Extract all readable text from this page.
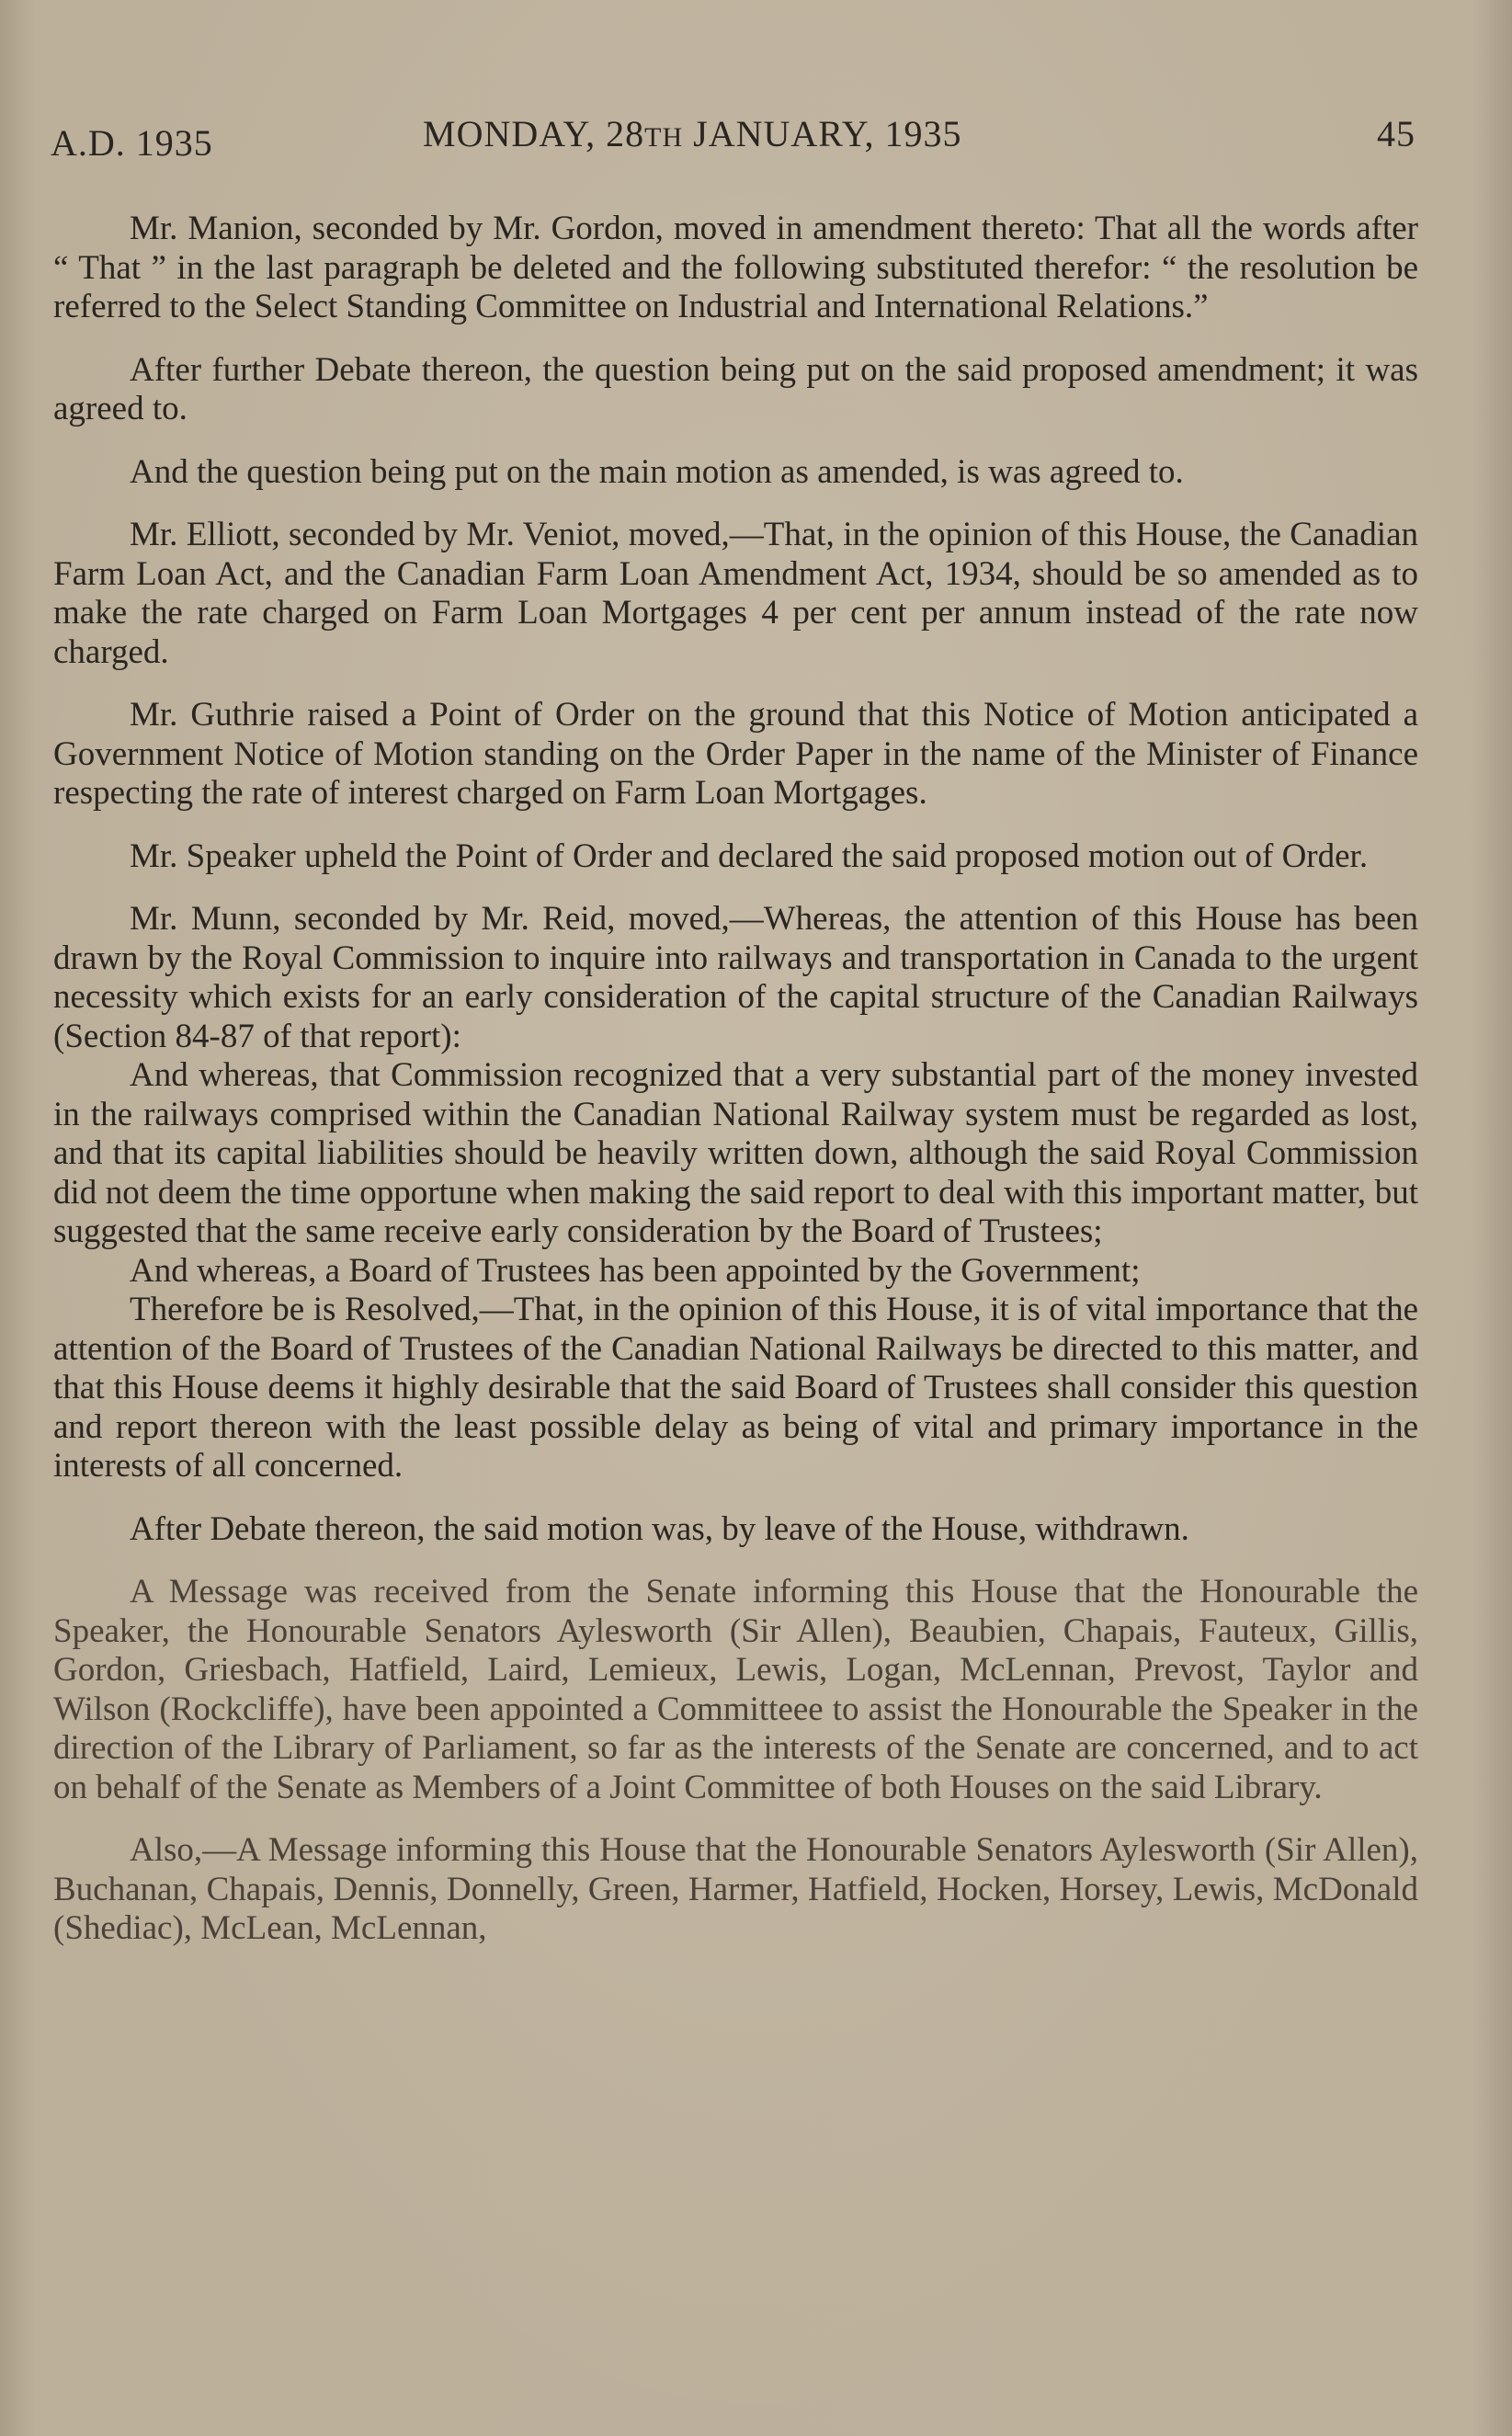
A.D. 1935	MONDAY, 28TH JANUARY, 1935	45

Mr. Manion, seconded by Mr. Gordon, moved in amendment thereto: That all the words after “ That ” in the last paragraph be deleted and the following substituted therefor: “ the resolution be referred to the Select Standing Committee on Industrial and International Relations.”

After further Debate thereon, the question being put on the said proposed amendment; it was agreed to.

And the question being put on the main motion as amended, is was agreed to.

Mr. Elliott, seconded by Mr. Veniot, moved,—That, in the opinion of this House, the Canadian Farm Loan Act, and the Canadian Farm Loan Amendment Act, 1934, should be so amended as to make the rate charged on Farm Loan Mortgages 4 per cent per annum instead of the rate now charged.

Mr. Guthrie raised a Point of Order on the ground that this Notice of Motion anticipated a Government Notice of Motion standing on the Order Paper in the name of the Minister of Finance respecting the rate of interest charged on Farm Loan Mortgages.

Mr. Speaker upheld the Point of Order and declared the said proposed motion out of Order.

Mr. Munn, seconded by Mr. Reid, moved,—Whereas, the attention of this House has been drawn by the Royal Commission to inquire into railways and transportation in Canada to the urgent necessity which exists for an early consideration of the capital structure of the Canadian Railways (Section 84-87 of that report):

And whereas, that Commission recognized that a very substantial part of the money invested in the railways comprised within the Canadian National Railway system must be regarded as lost, and that its capital liabilities should be heavily written down, although the said Royal Commission did not deem the time opportune when making the said report to deal with this important matter, but suggested that the same receive early consideration by the Board of Trustees;

And whereas, a Board of Trustees has been appointed by the Government;

Therefore be is Resolved,—That, in the opinion of this House, it is of vital importance that the attention of the Board of Trustees of the Canadian National Railways be directed to this matter, and that this House deems it highly desirable that the said Board of Trustees shall consider this question and report thereon with the least possible delay as being of vital and primary importance in the interests of all concerned.

After Debate thereon, the said motion was, by leave of the House, withdrawn.

A Message was received from the Senate informing this House that the Honourable the Speaker, the Honourable Senators Aylesworth (Sir Allen), Beaubien, Chapais, Fauteux, Gillis, Gordon, Griesbach, Hatfield, Laird, Lemieux, Lewis, Logan, McLennan, Prevost, Taylor and Wilson (Rockcliffe), have been appointed a Committeee to assist the Honourable the Speaker in the direction of the Library of Parliament, so far as the interests of the Senate are concerned, and to act on behalf of the Senate as Members of a Joint Committee of both Houses on the said Library.

Also,—A Message informing this House that the Honourable Senators Aylesworth (Sir Allen), Buchanan, Chapais, Dennis, Donnelly, Green, Harmer, Hatfield, Hocken, Horsey, Lewis, McDonald (Shediac), McLean, McLennan,
